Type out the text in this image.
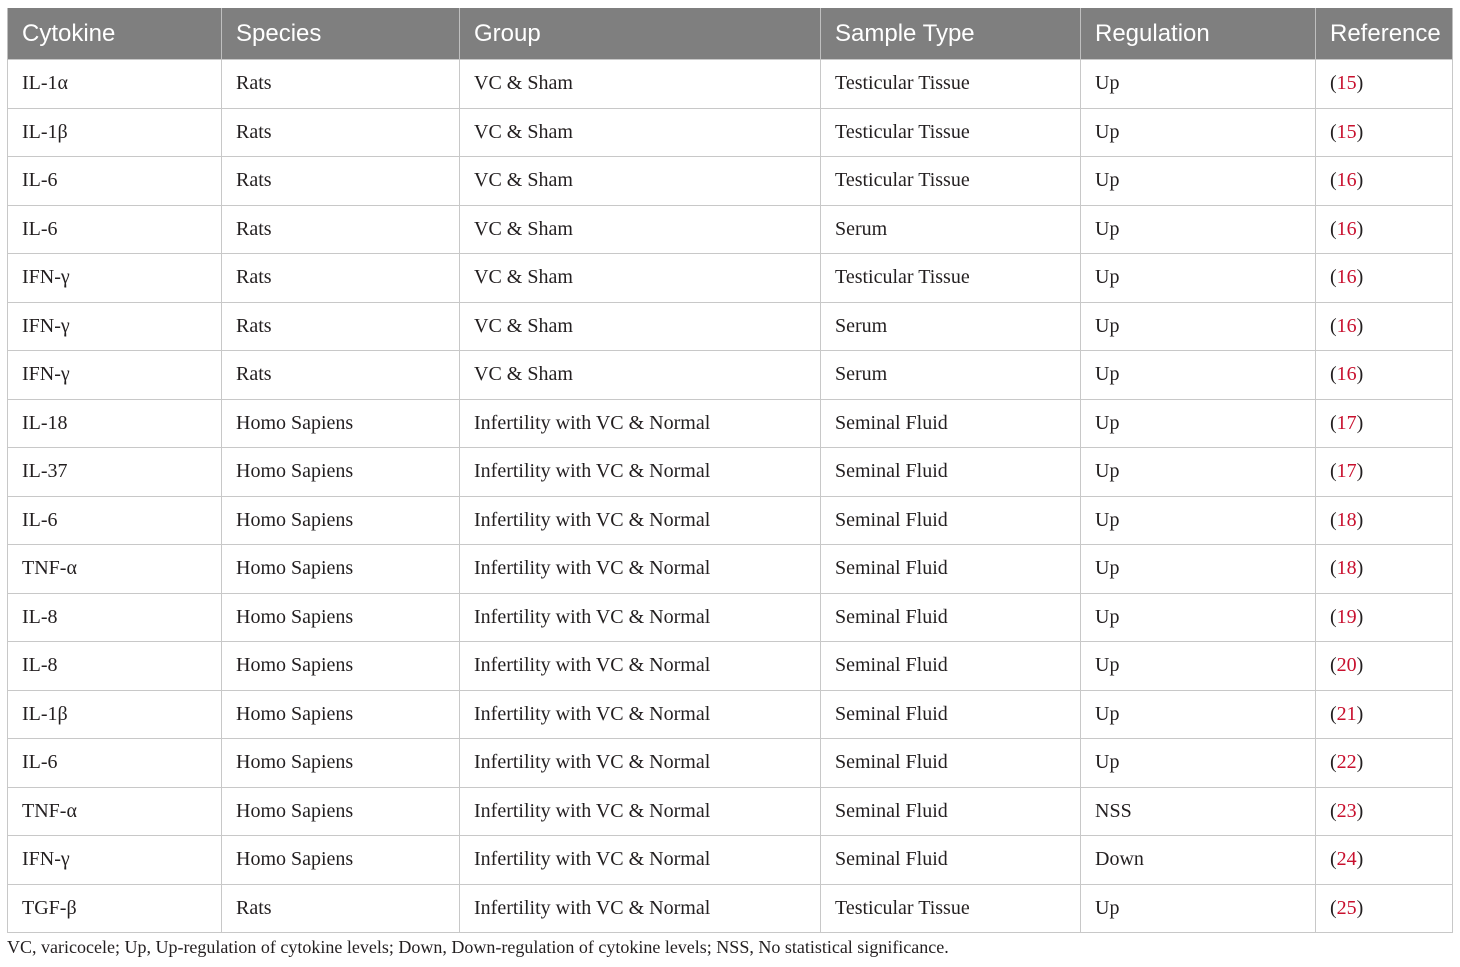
Cytokine	Species	Group	Sample Type	Regulation	Reference
IL-1α	Rats	VC & Sham	Testicular Tissue	Up	(15)
IL-1β	Rats	VC & Sham	Testicular Tissue	Up	(15)
IL-6	Rats	VC & Sham	Testicular Tissue	Up	(16)
IL-6	Rats	VC & Sham	Serum	Up	(16)
IFN-γ	Rats	VC & Sham	Testicular Tissue	Up	(16)
IFN-γ	Rats	VC & Sham	Serum	Up	(16)
IFN-γ	Rats	VC & Sham	Serum	Up	(16)
IL-18	Homo Sapiens	Infertility with VC & Normal	Seminal Fluid	Up	(17)
IL-37	Homo Sapiens	Infertility with VC & Normal	Seminal Fluid	Up	(17)
IL-6	Homo Sapiens	Infertility with VC & Normal	Seminal Fluid	Up	(18)
TNF-α	Homo Sapiens	Infertility with VC & Normal	Seminal Fluid	Up	(18)
IL-8	Homo Sapiens	Infertility with VC & Normal	Seminal Fluid	Up	(19)
IL-8	Homo Sapiens	Infertility with VC & Normal	Seminal Fluid	Up	(20)
IL-1β	Homo Sapiens	Infertility with VC & Normal	Seminal Fluid	Up	(21)
IL-6	Homo Sapiens	Infertility with VC & Normal	Seminal Fluid	Up	(22)
TNF-α	Homo Sapiens	Infertility with VC & Normal	Seminal Fluid	NSS	(23)
IFN-γ	Homo Sapiens	Infertility with VC & Normal	Seminal Fluid	Down	(24)
TGF-β	Rats	Infertility with VC & Normal	Testicular Tissue	Up	(25)
VC, varicocele; Up, Up-regulation of cytokine levels; Down, Down-regulation of cytokine levels; NSS, No statistical significance.
